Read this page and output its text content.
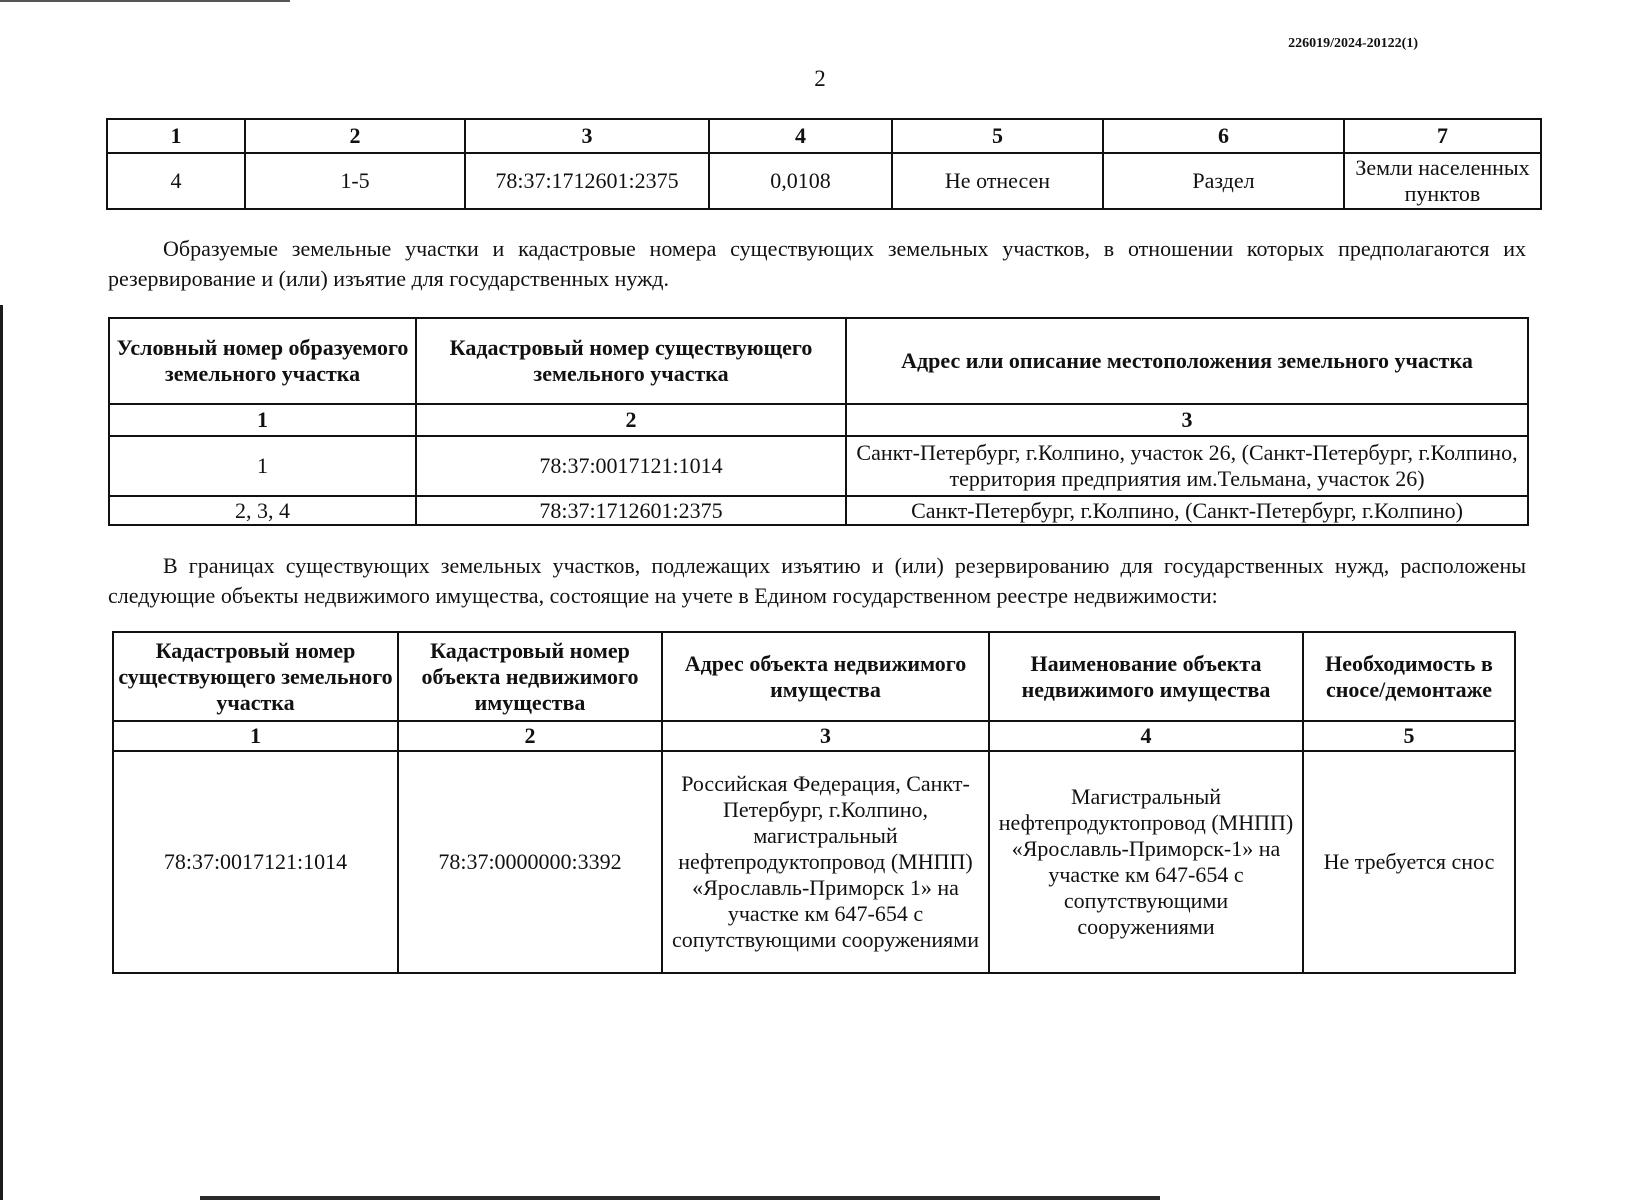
226019/2024-20122(1)
2
1	2	3	4	5	6	7
4	1-5	78:37:1712601:2375	0,0108	Не отнесен	Раздел	Земли населенных пунктов
Образуемые земельные участки и кадастровые номера существующих земельных участков, в отношении которых предполагаются их резервирование и (или) изъятие для государственных нужд.
Условный номер образуемого земельного участка	Кадастровый номер существующего земельного участка	Адрес или описание местоположения земельного участка
1	2	3
1	78:37:0017121:1014	Санкт-Петербург, г.Колпино, участок 26, (Санкт-Петербург, г.Колпино, территория предприятия им.Тельмана, участок 26)
2, 3, 4	78:37:1712601:2375	Санкт-Петербург, г.Колпино, (Санкт-Петербург, г.Колпино)
В границах существующих земельных участков, подлежащих изъятию и (или) резервированию для государственных нужд, расположены следующие объекты недвижимого имущества, состоящие на учете в Едином государственном реестре недвижимости:
Кадастровый номер существующего земельного участка	Кадастровый номер объекта недвижимого имущества	Адрес объекта недвижимого имущества	Наименование объекта недвижимого имущества	Необходимость в сносе/демонтаже
1	2	3	4	5
78:37:0017121:1014	78:37:0000000:3392	Российская Федерация, Санкт-Петербург, г.Колпино, магистральный нефтепродуктопровод (МНПП) «Ярославль-Приморск 1» на участке км 647-654 с сопутствующими сооружениями	Магистральный нефтепродуктопровод (МНПП) «Ярославль-Приморск-1» на участке км 647-654 с сопутствующими сооружениями	Не требуется снос
